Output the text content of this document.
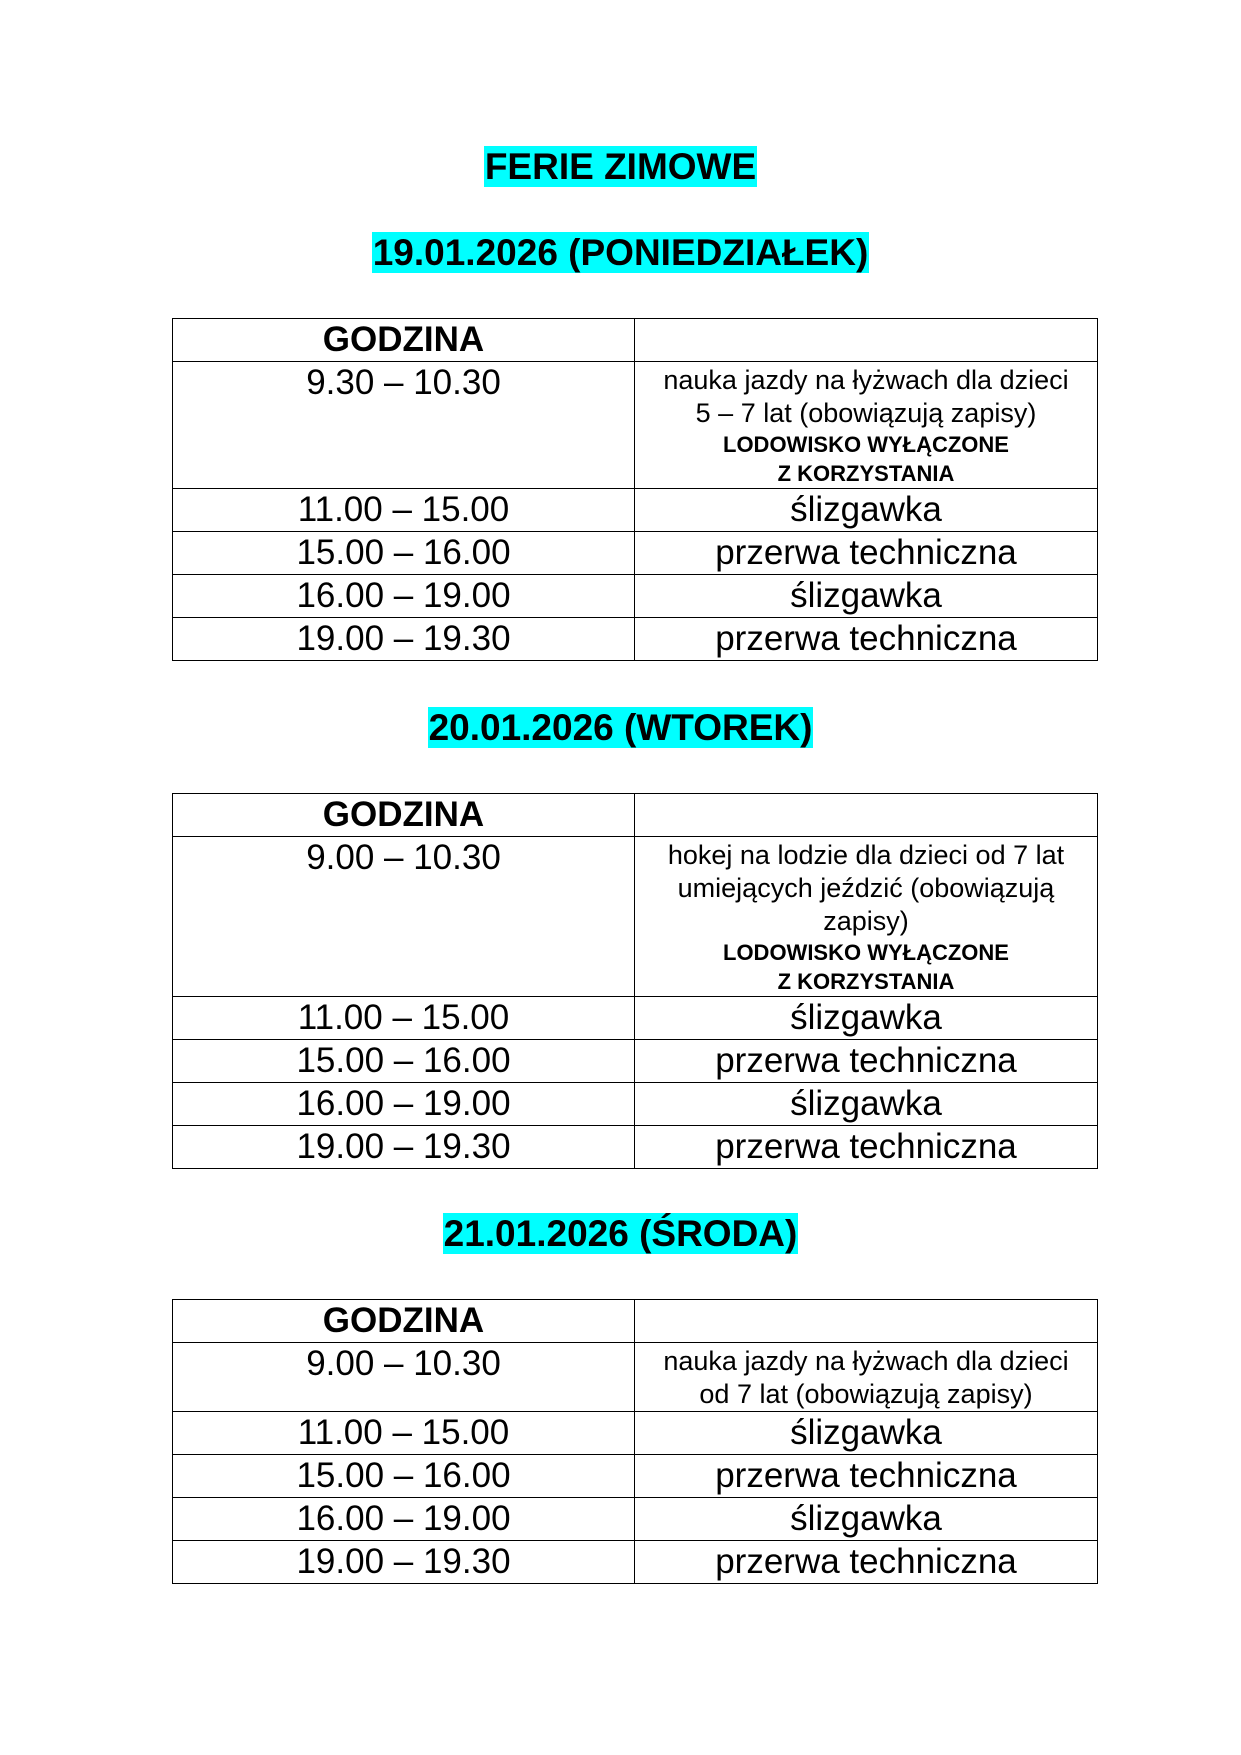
FERIE ZIMOWE
19.01.2026 (PONIEDZIAŁEK)
GODZINA	

9.30 – 10.30	nauka jazdy na łyżwach dla dzieci
5 – 7 lat (obowiązują zapisy)
LODOWISKO WYŁĄCZONE
Z KORZYSTANIA

11.00 – 15.00	ślizgawka

15.00 – 16.00	przerwa techniczna

16.00 – 19.00	ślizgawka

19.00 – 19.30	przerwa techniczna
20.01.2026 (WTOREK)
GODZINA	

9.00 – 10.30	hokej na lodzie dla dzieci od 7 lat
umiejących jeździć (obowiązują
zapisy)
LODOWISKO WYŁĄCZONE
Z KORZYSTANIA

11.00 – 15.00	ślizgawka

15.00 – 16.00	przerwa techniczna

16.00 – 19.00	ślizgawka

19.00 – 19.30	przerwa techniczna
21.01.2026 (ŚRODA)
GODZINA	

9.00 – 10.30	nauka jazdy na łyżwach dla dzieci
od 7 lat (obowiązują zapisy)

11.00 – 15.00	ślizgawka

15.00 – 16.00	przerwa techniczna

16.00 – 19.00	ślizgawka

19.00 – 19.30	przerwa techniczna
